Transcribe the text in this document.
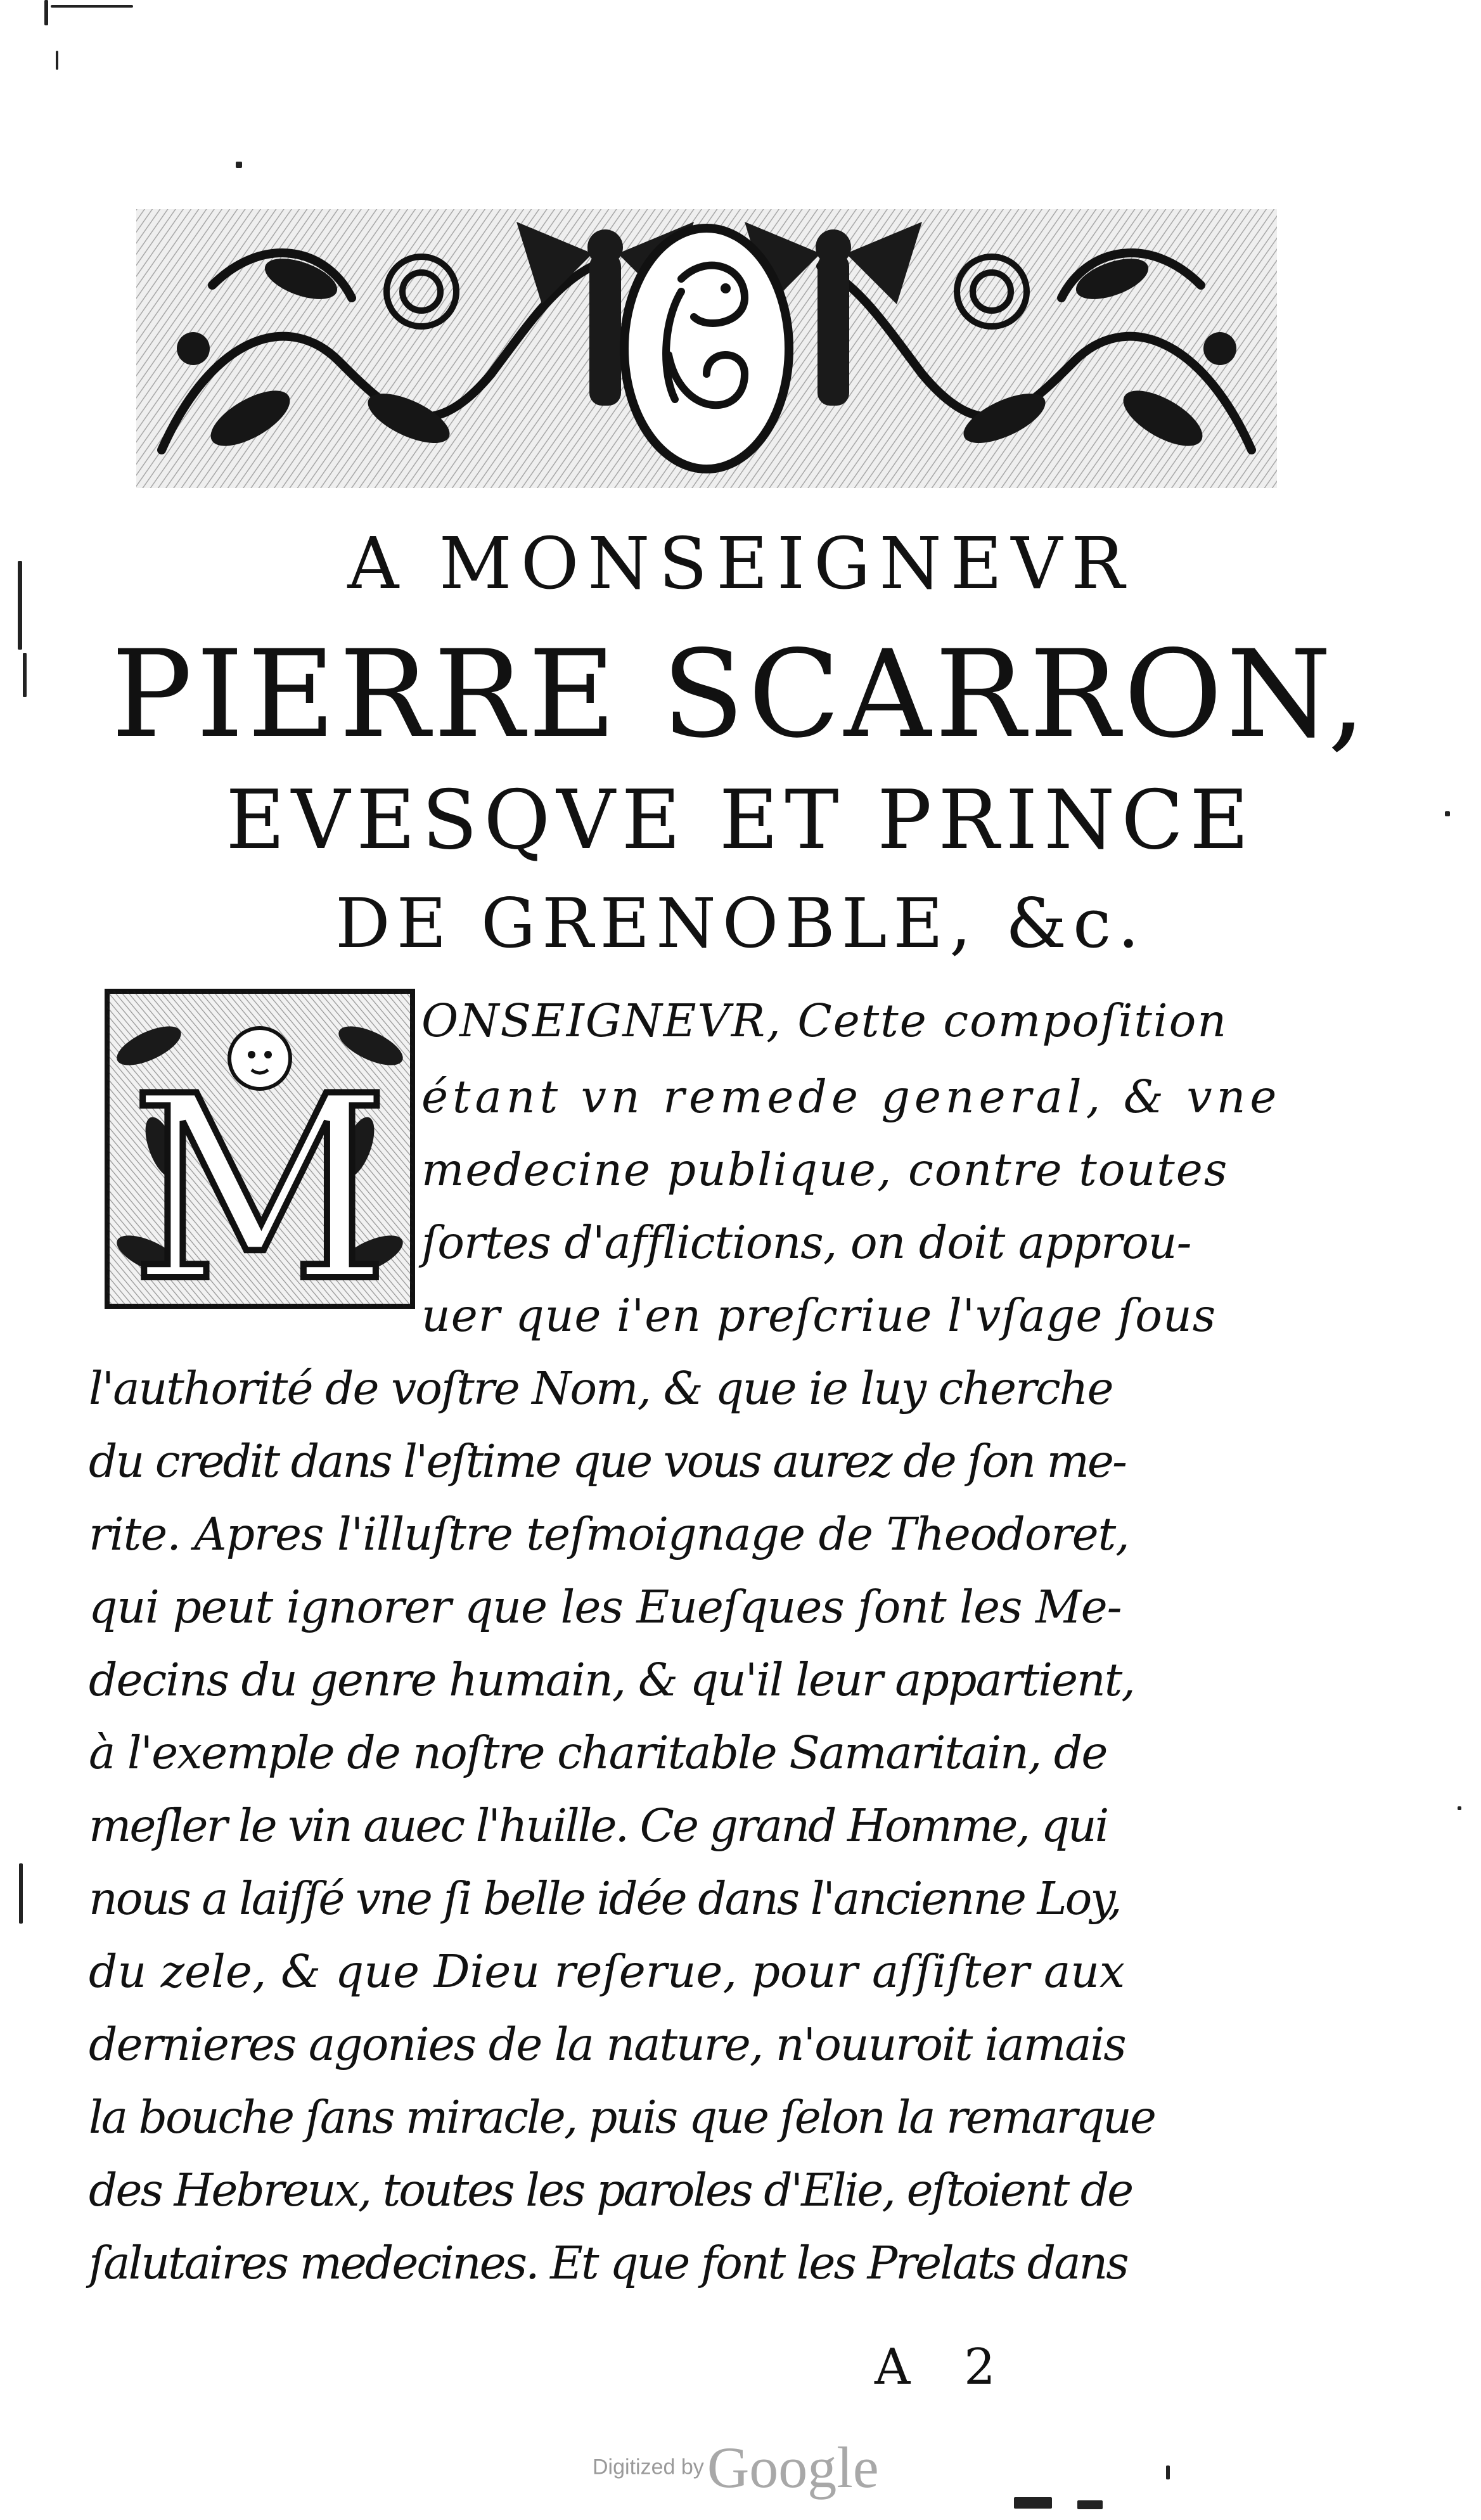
A MONSEIGNEVR
PIERRE SCARRON,
EVESQVE ET PRINCE
DE GRENOBLE, &c.
M
ONSEIGNEVR, Cette compoſition
étant vn remede general, & vne
medecine publique, contre toutes
ſortes d'afflictions, on doit approu-
uer que i'en preſcriue l'vſage ſous
l'authorité de voſtre Nom, & que ie luy cherche
du credit dans l'eſtime que vous aurez de ſon me-
rite. Apres l'illuſtre teſmoignage de Theodoret,
qui peut ignorer que les Eueſques ſont les Me-
decins du genre humain, & qu'il leur appartient,
à l'exemple de noſtre charitable Samaritain, de
meſler le vin auec l'huille. Ce grand Homme, qui
nous a laiſſé vne ſi belle idée dans l'ancienne Loy,
du zele, & que Dieu reſerue, pour aſſiſter aux
dernieres agonies de la nature, n'ouuroit iamais
la bouche ſans miracle, puis que ſelon la remarque
des Hebreux, toutes les paroles d'Elie, eſtoient de
ſalutaires medecines. Et que font les Prelats dans
A 2
Digitized by Google
